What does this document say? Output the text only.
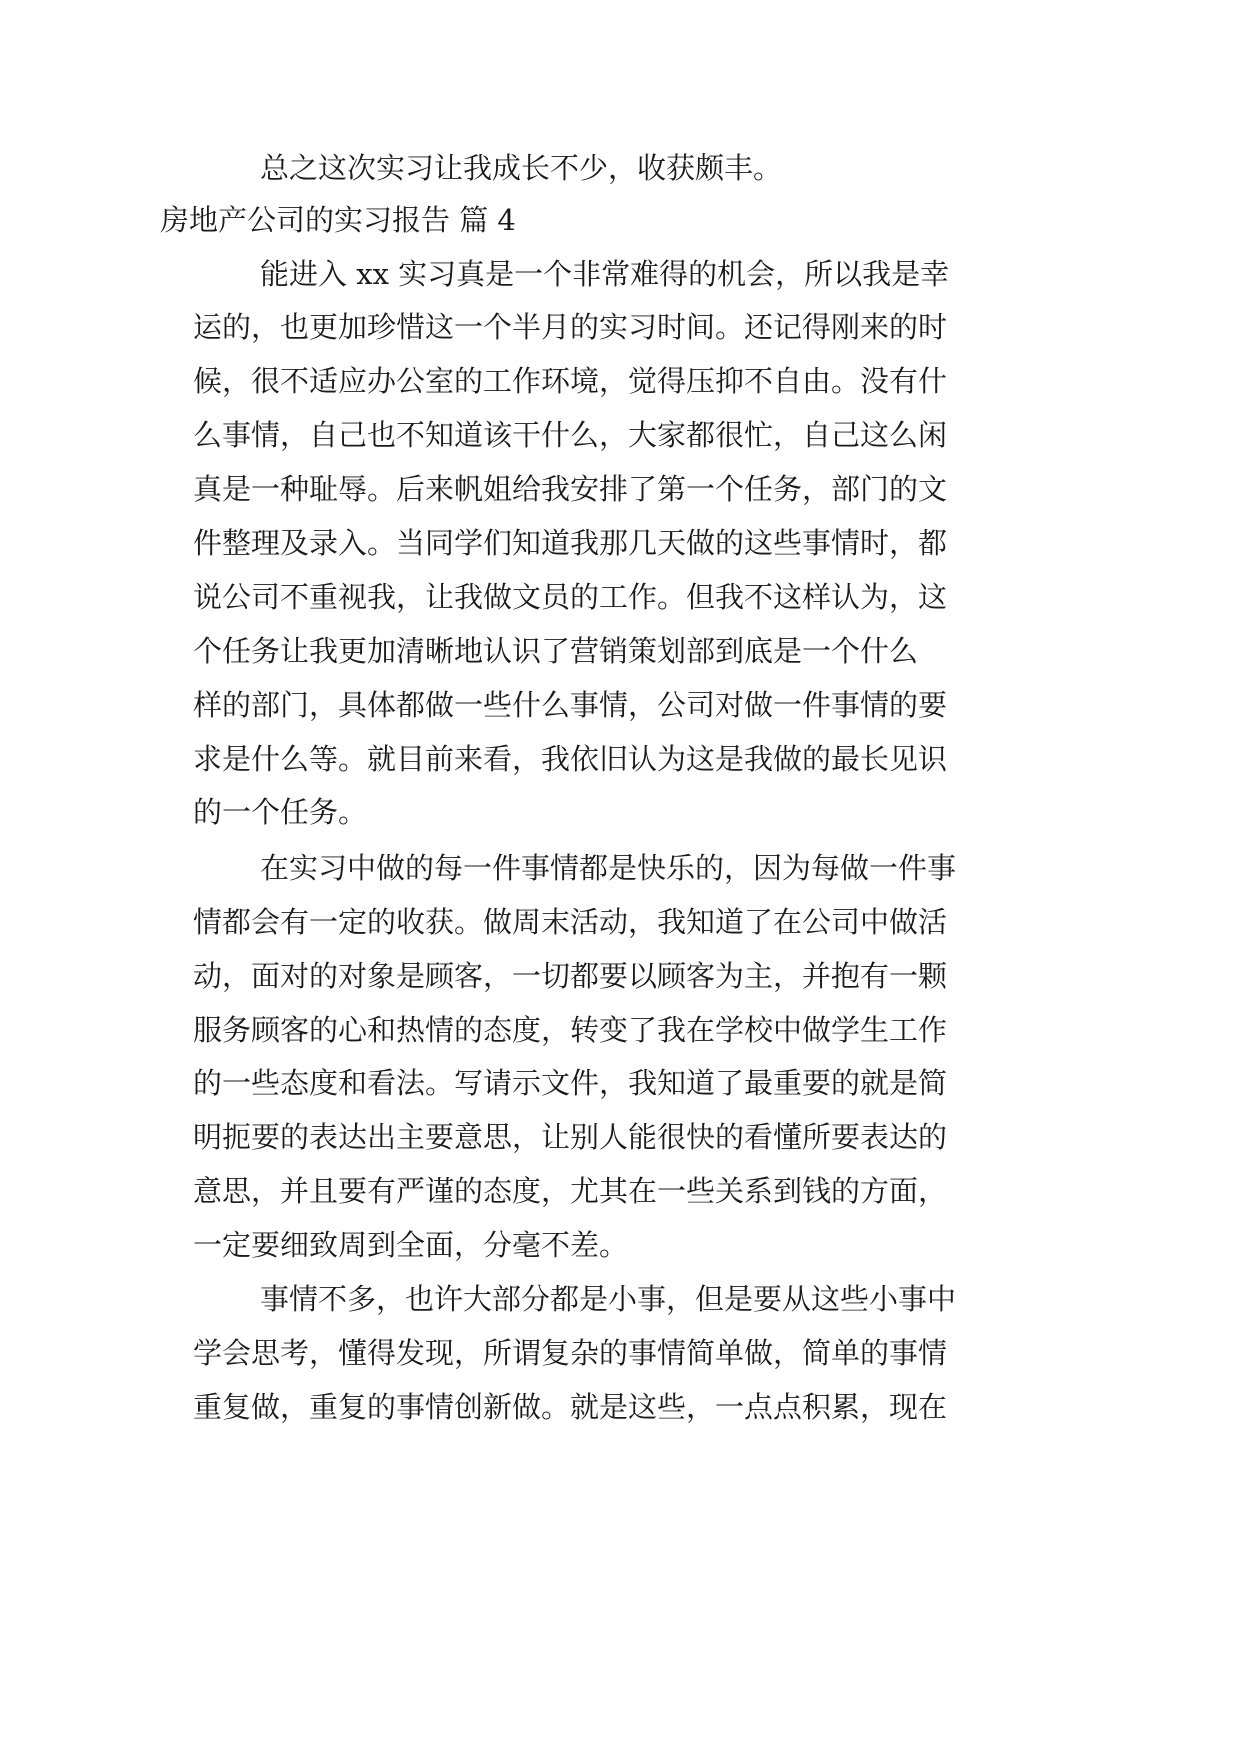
总之这次实习让我成长不少，收获颇丰。

房地产公司的实习报告 篇 4

能进入 xx 实习真是一个非常难得的机会，所以我是幸

运的，也更加珍惜这一个半月的实习时间。还记得刚来的时

候，很不适应办公室的工作环境，觉得压抑不自由。没有什

么事情，自己也不知道该干什么，大家都很忙，自己这么闲

真是一种耻辱。后来帆姐给我安排了第一个任务，部门的文

件整理及录入。当同学们知道我那几天做的这些事情时，都

说公司不重视我，让我做文员的工作。但我不这样认为，这

个任务让我更加清晰地认识了营销策划部到底是一个什么

样的部门，具体都做一些什么事情，公司对做一件事情的要

求是什么等。就目前来看，我依旧认为这是我做的最长见识

的一个任务。

在实习中做的每一件事情都是快乐的，因为每做一件事

情都会有一定的收获。做周末活动，我知道了在公司中做活

动，面对的对象是顾客，一切都要以顾客为主，并抱有一颗

服务顾客的心和热情的态度，转变了我在学校中做学生工作

的一些态度和看法。写请示文件，我知道了最重要的就是简

明扼要的表达出主要意思，让别人能很快的看懂所要表达的

意思，并且要有严谨的态度，尤其在一些关系到钱的方面，

一定要细致周到全面，分毫不差。

事情不多，也许大部分都是小事，但是要从这些小事中

学会思考，懂得发现，所谓复杂的事情简单做，简单的事情

重复做，重复的事情创新做。就是这些，一点点积累，现在
